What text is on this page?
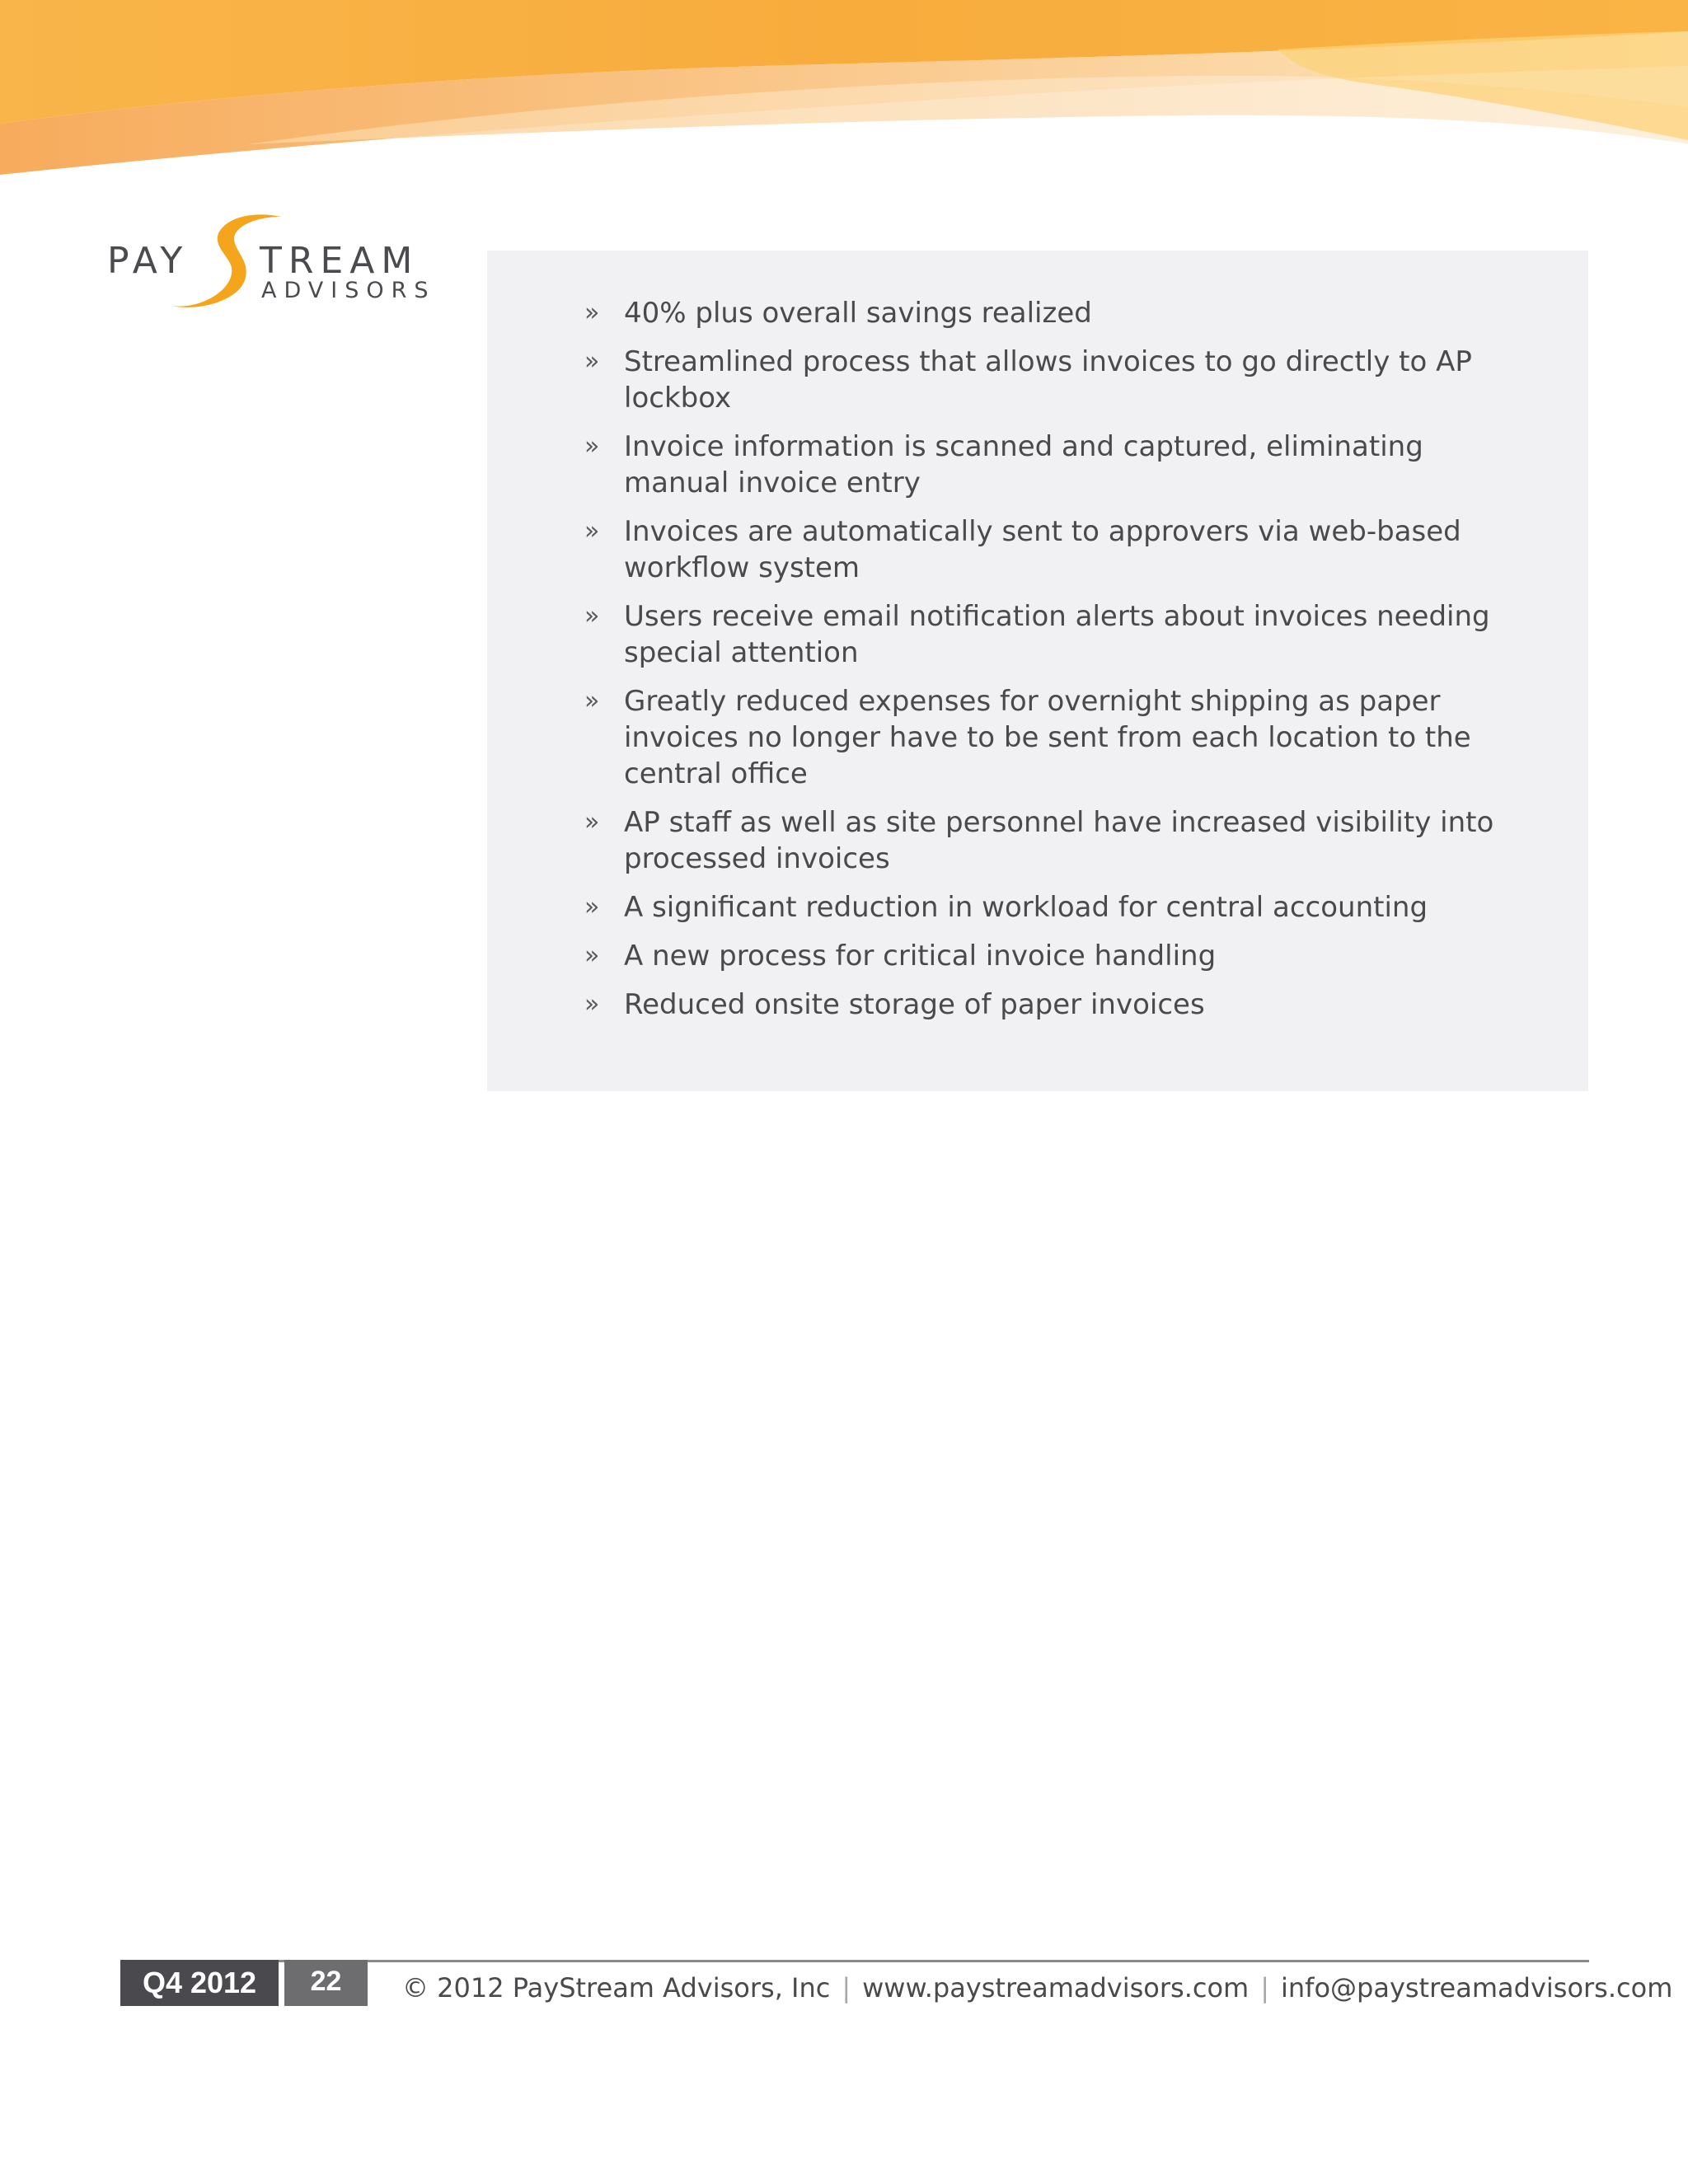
PAY TREAM
ADVISORS
» 40% plus overall savings realized
» Streamlined process that allows invoices to go directly to AP lockbox
» Invoice information is scanned and captured, eliminating manual invoice entry
» Invoices are automatically sent to approvers via web-based workflow system
» Users receive email notification alerts about invoices needing special attention
» Greatly reduced expenses for overnight shipping as paper invoices no longer have to be sent from each location to the central office
» AP staff as well as site personnel have increased visibility into processed invoices
» A significant reduction in workload for central accounting
» A new process for critical invoice handling
» Reduced onsite storage of paper invoices
Q4 2012	22	© 2012 PayStream Advisors, Inc | www.paystreamadvisors.com | info@paystreamadvisors.com
